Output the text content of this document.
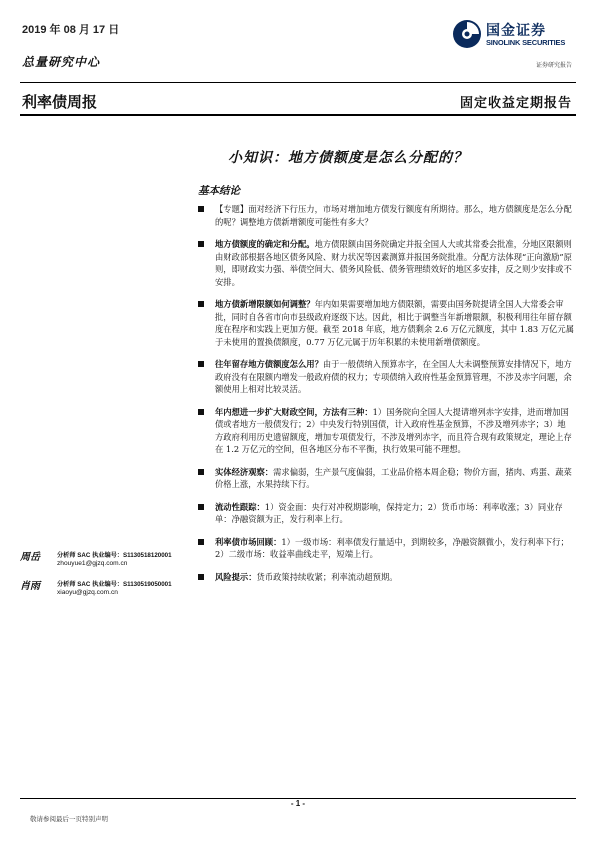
2019 年 08 月 17 日
总量研究中心
国金证券
SINOLINK SECURITIES
证券研究报告
利率债周报	固定收益定期报告
小知识：地方债额度是怎么分配的？
基本结论
【专题】面对经济下行压力，市场对增加地方债发行额度有所期待。那么，地方债额度是怎么分配的呢？调整地方债新增额度可能性有多大？
地方债额度的确定和分配。地方债限额由国务院确定并报全国人大或其常委会批准，分地区限额则由财政部根据各地区债务风险、财力状况等因素测算并报国务院批准。分配方法体现“正向激励”原则，即财政实力强、举债空间大、债务风险低、债务管理绩效好的地区多安排，反之则少安排或不安排。
地方债新增限额如何调整？年内如果需要增加地方债限额，需要由国务院提请全国人大常委会审批，同时自各省市向市县级政府逐级下达。因此，相比于调整当年新增限额，积极利用往年留存额度在程序和实践上更加方便。截至 2018 年底，地方债剩余 2.6 万亿元额度，其中 1.83 万亿元属于未使用的置换债额度，0.77 万亿元属于历年积累的未使用新增债额度。
往年留存地方债额度怎么用？由于一般债纳入预算赤字，在全国人大未调整预算安排情况下，地方政府没有在限额内增发一般政府债的权力；专项债纳入政府性基金预算管理，不涉及赤字问题，余额使用上相对比较灵活。
年内想进一步扩大财政空间，方法有三种：1）国务院向全国人大提请增列赤字安排，进而增加国债或者地方一般债发行；2）中央发行特别国债，计入政府性基金预算，不涉及增列赤字；3）地方政府利用历史遗留额度，增加专项债发行，不涉及增列赤字，而且符合现有政策规定，理论上存在 1.2 万亿元的空间，但各地区分布不平衡，执行效果可能不理想。
实体经济观察：需求偏弱，生产景气度偏弱，工业品价格本周企稳；物价方面，猪肉、鸡蛋、蔬菜价格上涨，水果持续下行。
流动性跟踪：1）资金面：央行对冲税期影响，保持定力；2）货币市场：利率收涨；3）同业存单：净融资额为正，发行利率上行。
利率债市场回顾：1）一级市场：利率债发行量适中，到期较多，净融资额微小，发行利率下行；2）二级市场：收益率曲线走平，短端上行。
风险提示：货币政策持续收紧；利率流动超预期。
周岳	分析师 SAC 执业编号：S1130518120001
zhouyue1@gjzq.com.cn
肖雨	分析师 SAC 执业编号：S1130519050001
xiaoyu@gjzq.com.cn
- 1 -
敬请参阅最后一页特别声明
